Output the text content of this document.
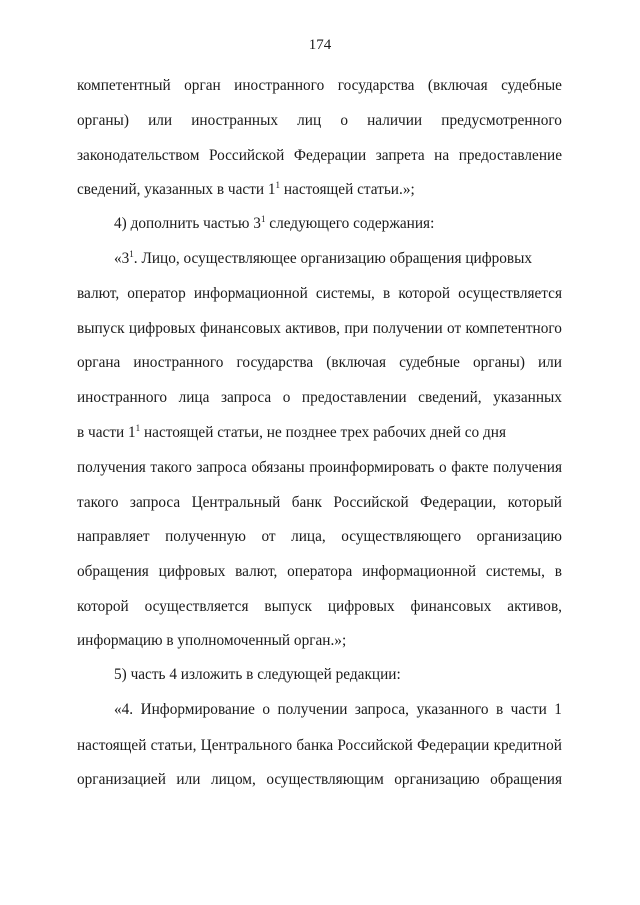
174
компетентный орган иностранного государства (включая судебные
органы) или иностранных лиц о наличии предусмотренного
законодательством Российской Федерации запрета на предоставление
сведений, указанных в части $1^1$ настоящей статьи.»;
4) дополнить частью $3^1$ следующего содержания:
«$3^1$. Лицо, осуществляющее организацию обращения цифровых
валют, оператор информационной системы, в которой осуществляется
выпуск цифровых финансовых активов, при получении от компетентного
органа иностранного государства (включая судебные органы) или
иностранного лица запроса о предоставлении сведений, указанных
в части $1^1$ настоящей статьи, не позднее трех рабочих дней со дня
получения такого запроса обязаны проинформировать о факте получения
такого запроса Центральный банк Российской Федерации, который
направляет полученную от лица, осуществляющего организацию
обращения цифровых валют, оператора информационной системы, в
которой осуществляется выпуск цифровых финансовых активов,
информацию в уполномоченный орган.»;
5) часть 4 изложить в следующей редакции:
«4. Информирование о получении запроса, указанного в части 1
настоящей статьи, Центрального банка Российской Федерации кредитной
организацией или лицом, осуществляющим организацию обращения
